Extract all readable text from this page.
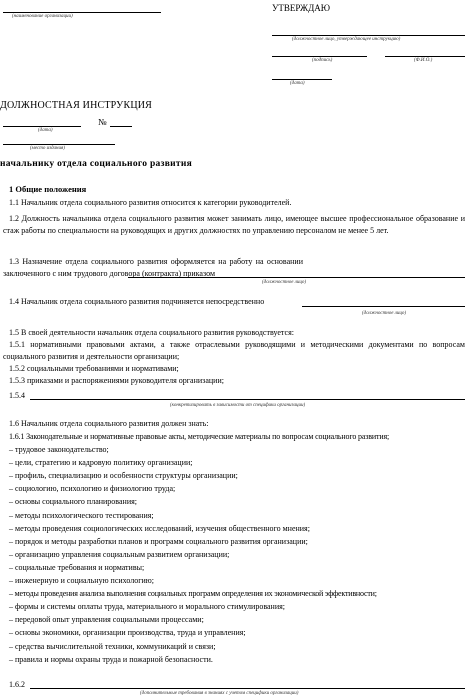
(наименование организации)
УТВЕРЖДАЮ
(должностное лицо, утверждающее инструкцию)
(подпись)	(Ф.И.О.)
(дата)
ДОЛЖНОСТНАЯ ИНСТРУКЦИЯ
(дата)
№
(место издания)
начальнику отдела социального развития
1 Общие положения
1.1 Начальник отдела социального развития относится к категории руководителей.
1.2 Должность начальника отдела социального развития может занимать лицо, имеющее высшее профессиональное образование и стаж работы по специальности на руководящих и других должностях по управлению персоналом не менее 5 лет.
1.3 Назначение отдела социального развития оформляется на работу на основании заключенного с ним трудового договора (контракта) приказом
(должностное лицо)
1.4 Начальник отдела социального развития подчиняется непосредственно
(должностное лицо)
1.5 В своей деятельности начальник отдела социального развития руководствуется:
1.5.1 нормативными правовыми актами, а также отраслевыми руководящими и методическими документами по вопросам социального развития и деятельности организации;
1.5.2 социальными требованиями и нормативами;
1.5.3 приказами и распоряжениями руководителя организации;
1.5.4
(конкретизировать в зависимости от специфики организации)
1.6 Начальник отдела социального развития должен знать:
1.6.1 Законодательные и нормативные правовые акты, методические материалы по вопросам социального развития;
– трудовое законодательство;
– цели, стратегию и кадровую политику организации;
– профиль, специализацию и особенности структуры организации;
– социологию, психологию и физиологию труда;
– основы социального планирования;
– методы психологического тестирования;
– методы проведения социологических исследований, изучения общественного мнения;
– порядок и методы разработки планов и программ социального развития организации;
– организацию управления социальным развитием организации;
– социальные требования и нормативы;
– инженерную и социальную психологию;
– методы проведения анализа выполнения социальных программ определения их экономической эффективности;
– формы и системы оплаты труда, материального и морального стимулирования;
– передовой опыт управления социальными процессами;
– основы экономики, организации производства, труда и управления;
– средства вычислительной техники, коммуникаций и связи;
– правила и нормы охраны труда и пожарной безопасности.
1.6.2
(дополнительные требования в знаниях с учетом специфики организации)
